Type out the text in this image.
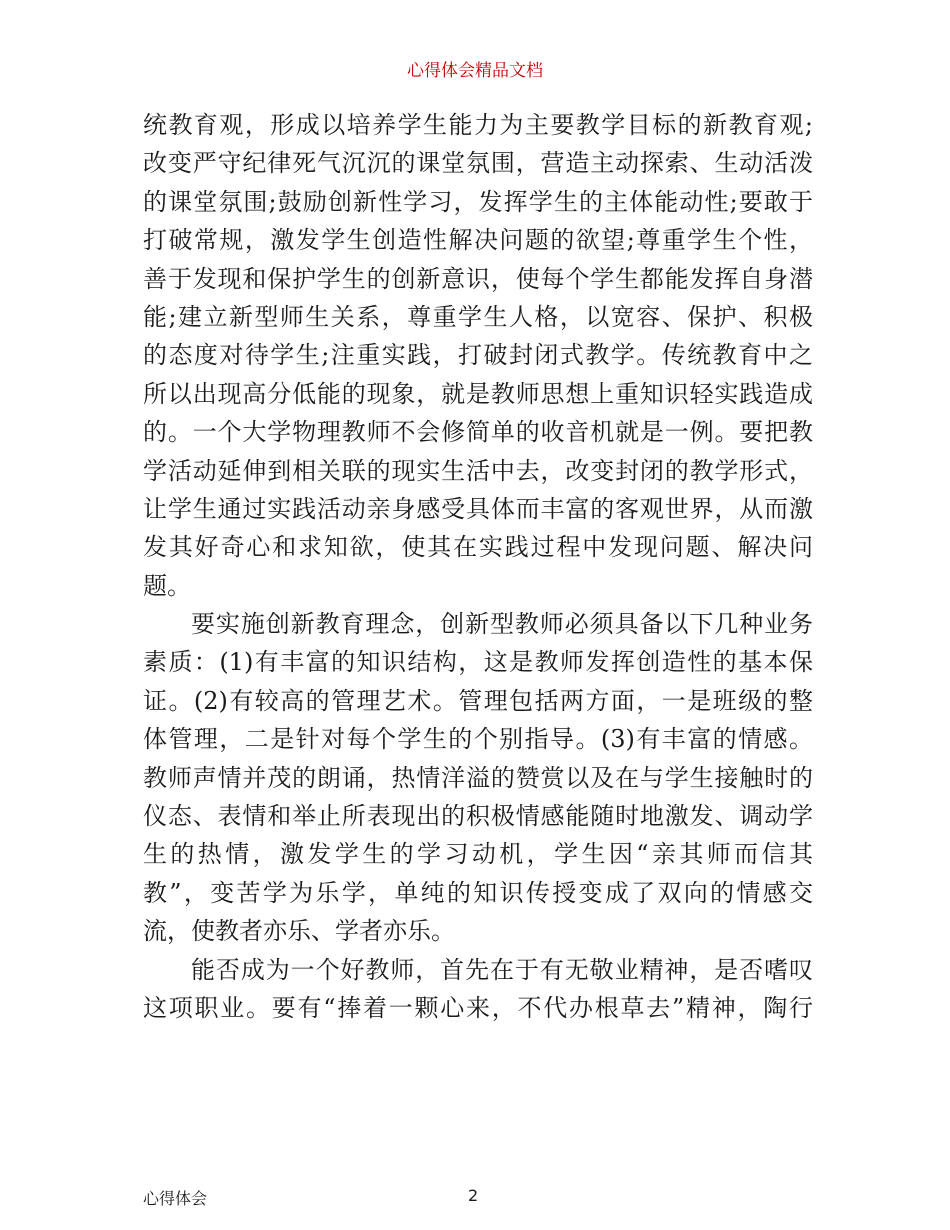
心得体会精品文档
统教育观，形成以培养学生能力为主要教学目标的新教育观;
改变严守纪律死气沉沉的课堂氛围，营造主动探索、生动活泼
的课堂氛围;鼓励创新性学习，发挥学生的主体能动性;要敢于
打破常规，激发学生创造性解决问题的欲望;尊重学生个性，
善于发现和保护学生的创新意识，使每个学生都能发挥自身潜
能;建立新型师生关系，尊重学生人格，以宽容、保护、积极
的态度对待学生;注重实践，打破封闭式教学。传统教育中之
所以出现高分低能的现象，就是教师思想上重知识轻实践造成
的。一个大学物理教师不会修简单的收音机就是一例。要把教
学活动延伸到相关联的现实生活中去，改变封闭的教学形式，
让学生通过实践活动亲身感受具体而丰富的客观世界，从而激
发其好奇心和求知欲，使其在实践过程中发现问题、解决问
题。
要实施创新教育理念，创新型教师必须具备以下几种业务
素质：(1)有丰富的知识结构，这是教师发挥创造性的基本保
证。(2)有较高的管理艺术。管理包括两方面，一是班级的整
体管理，二是针对每个学生的个别指导。(3)有丰富的情感。
教师声情并茂的朗诵，热情洋溢的赞赏以及在与学生接触时的
仪态、表情和举止所表现出的积极情感能随时地激发、调动学
生的热情，激发学生的学习动机，学生因“亲其师而信其
教”，变苦学为乐学，单纯的知识传授变成了双向的情感交
流，使教者亦乐、学者亦乐。
能否成为一个好教师，首先在于有无敬业精神，是否嗜叹
这项职业。要有“捧着一颗心来，不代办根草去”精神，陶行
心得体会	2
